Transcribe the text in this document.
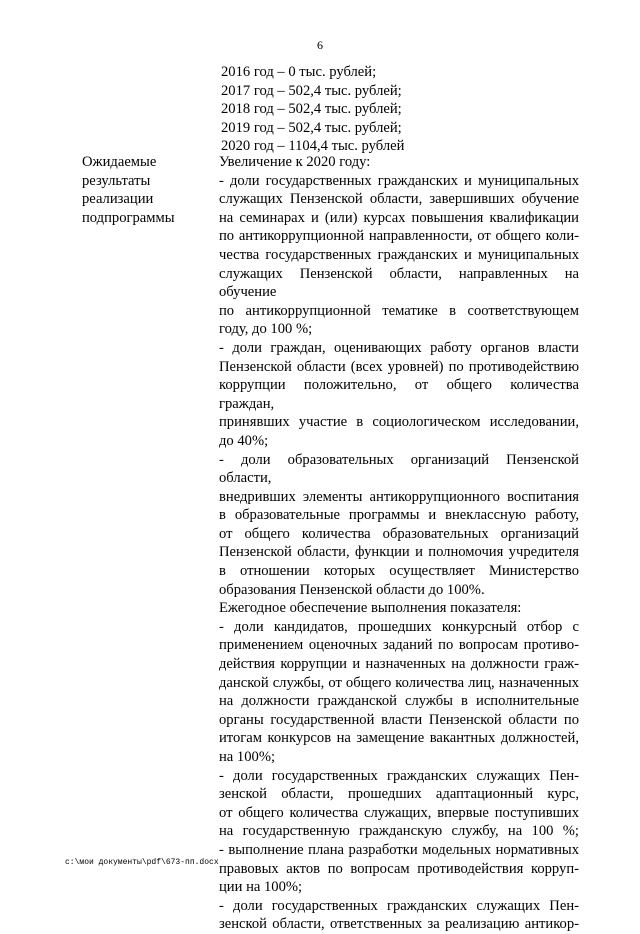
6
2016 год – 0 тыс. рублей;
2017 год – 502,4 тыс. рублей;
2018 год – 502,4 тыс. рублей;
2019 год – 502,4 тыс. рублей;
2020 год – 1104,4 тыс. рублей
Ожидаемые
результаты
реализации
подпрограммы
Увеличение к 2020 году:
- доли государственных гражданских и муниципальных
служащих Пензенской области, завершивших обучение
на семинарах и (или) курсах повышения квалификации
по антикоррупционной направленности, от общего коли-
чества государственных гражданских и муниципальных
служащих Пензенской области, направленных на обучение
по антикоррупционной тематике в соответствующем
году, до 100 %;
- доли граждан, оценивающих работу органов власти
Пензенской области (всех уровней) по противодействию
коррупции положительно, от общего количества граждан,
принявших участие в социологическом исследовании,
до 40%;
- доли образовательных организаций Пензенской области,
внедривших элементы антикоррупционного воспитания
в образовательные программы и внеклассную работу,
от общего количества образовательных организаций
Пензенской области, функции и полномочия учредителя
в отношении которых осуществляет Министерство
образования Пензенской области до 100%.
Ежегодное обеспечение выполнения показателя:
- доли кандидатов, прошедших конкурсный отбор с
применением оценочных заданий по вопросам противо-
действия коррупции и назначенных на должности граж-
данской службы, от общего количества лиц, назначенных
на должности гражданской службы в исполнительные
органы государственной власти Пензенской области по
итогам конкурсов на замещение вакантных должностей,
на 100%;
- доли государственных гражданских служащих Пен-
зенской области, прошедших адаптационный курс,
от общего количества служащих, впервые поступивших
на государственную гражданскую службу, на 100 %;
- выполнение плана разработки модельных нормативных
правовых актов по вопросам противодействия корруп-
ции на 100%;
- доли государственных гражданских служащих Пен-
зенской области, ответственных за реализацию антикор-
c:\мои документы\pdf\673-пп.docx
